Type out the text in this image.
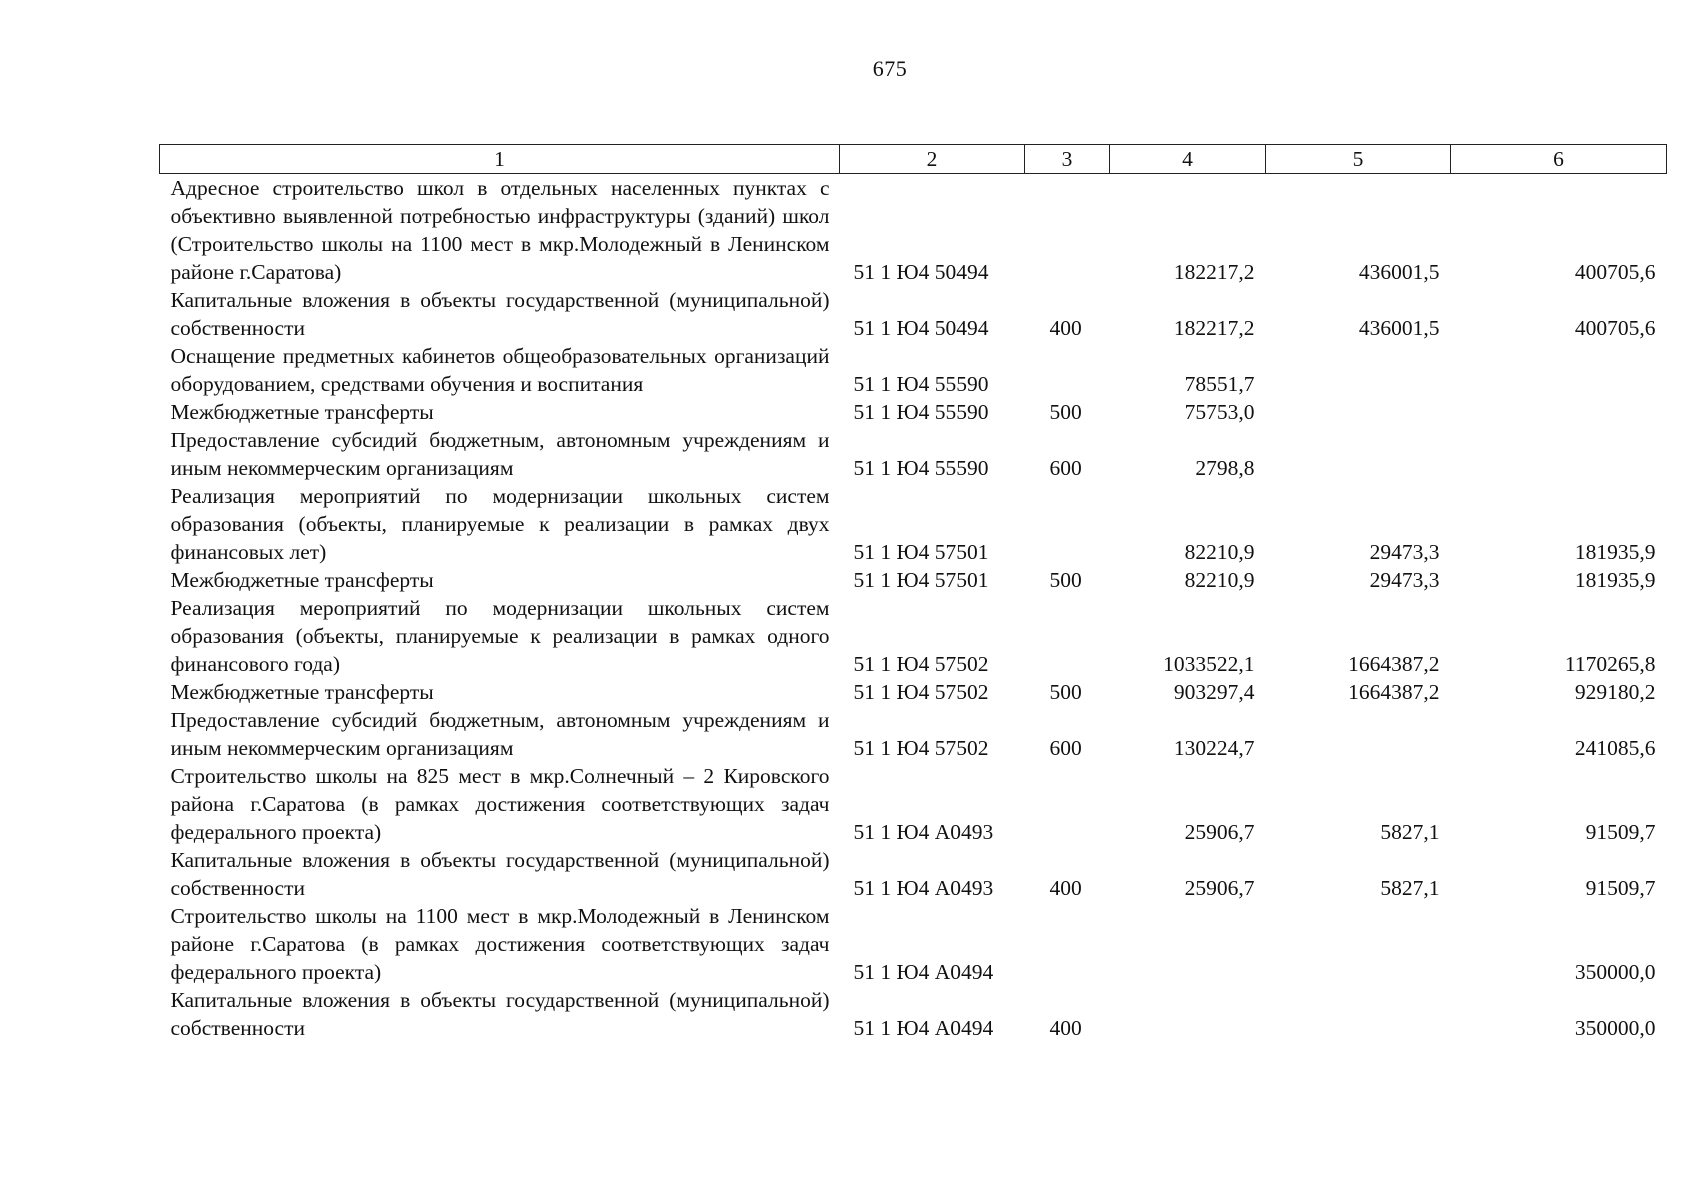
675
1	2	3	4	5	6
Адресное строительство школ в отдельных населенных пунктах с объективно выявленной потребностью инфраструктуры (зданий) школ (Строительство школы на 1100 мест в мкр.Молодежный в Ленинском районе г.Саратова)	51 1 Ю4 50494		182217,2	436001,5	400705,6
Капитальные вложения в объекты государственной (муниципальной) собственности	51 1 Ю4 50494	400	182217,2	436001,5	400705,6
Оснащение предметных кабинетов общеобразовательных организаций оборудованием, средствами обучения и воспитания	51 1 Ю4 55590		78551,7		
Межбюджетные трансферты	51 1 Ю4 55590	500	75753,0		
Предоставление субсидий бюджетным, автономным учреждениям и иным некоммерческим организациям	51 1 Ю4 55590	600	2798,8		
Реализация мероприятий по модернизации школьных систем образования (объекты, планируемые к реализации в рамках двух финансовых лет)	51 1 Ю4 57501		82210,9	29473,3	181935,9
Межбюджетные трансферты	51 1 Ю4 57501	500	82210,9	29473,3	181935,9
Реализация мероприятий по модернизации школьных систем образования (объекты, планируемые к реализации в рамках одного финансового года)	51 1 Ю4 57502		1033522,1	1664387,2	1170265,8
Межбюджетные трансферты	51 1 Ю4 57502	500	903297,4	1664387,2	929180,2
Предоставление субсидий бюджетным, автономным учреждениям и иным некоммерческим организациям	51 1 Ю4 57502	600	130224,7		241085,6
Строительство школы на 825 мест в мкр.Солнечный – 2 Кировского района г.Саратова (в рамках достижения соответствующих задач федерального проекта)	51 1 Ю4 А0493		25906,7	5827,1	91509,7
Капитальные вложения в объекты государственной (муниципальной) собственности	51 1 Ю4 А0493	400	25906,7	5827,1	91509,7
Строительство школы на 1100 мест в мкр.Молодежный в Ленинском районе г.Саратова (в рамках достижения соответствующих задач федерального проекта)	51 1 Ю4 А0494				350000,0
Капитальные вложения в объекты государственной (муниципальной) собственности	51 1 Ю4 А0494	400			350000,0
